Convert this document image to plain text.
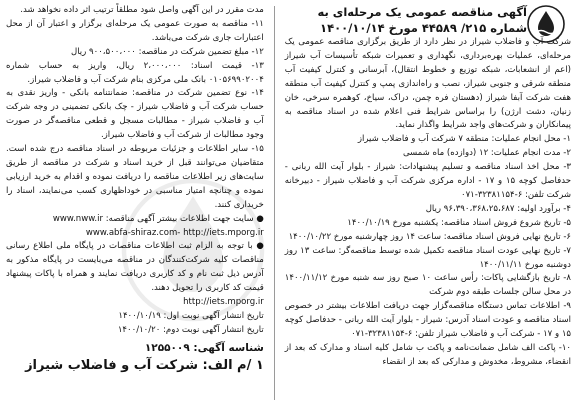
آگهی مناقصه عمومی یک مرحله‌ای به شماره ۲۱۵/ ۴۴۵۸۹ مورخ ۱۴۰۰/۱۰/۱۴
شرکت آب و فاضلاب شیراز در نظر دارد از طریق برگزاری مناقصه عمومی یک مرحله‌ای، عملیات بهره‌برداری، نگهداری و تعمیرات شبکه تأسیسات آب شیراز (اعم از انشعابات، شبکه توزیع و خطوط انتقال)، آبرسانی و کنترل کیفیت آب منطقه شرقی و جنوبی شیراز، نصب و راه‌اندازی پمپ و کنترل کیفیت آب منطقه هفت شرکت آبفا شیراز (دهستان فره چمن، دراک، سیاخ، کوهمره سرخی، خان زنیان، دشت ارژن) را براساس شرایط فنی اعلام شده در اسناد مناقصه به پیمانکاران و شرکت‌های واجد شرایط واگذار نماید.
۱- محل انجام عملیات: منطقه ۷ شرکت آب و فاضلاب شیراز
۲- مدت انجام عملیات: ۱۲ (دوازده) ماه شمسی
۳- محل اخذ اسناد مناقصه و تسلیم پیشنهادات: شیراز - بلوار آیت الله ربانی - حدفاصل کوچه ۱۵ و ۱۷ - اداره مرکزی شرکت آب و فاضلاب شیراز - دبیرخانه شرکت تلفن: ۶-۳۲۳۸۱۱۵۴-۰۷۱
۴- برآورد اولیه: ۹۶،۳۹۰،۳۶۸،۲۵،۶۸۷ ریال
۵- تاریخ شروع فروش اسناد مناقصه: یکشنبه مورخ ۱۴۰۰/۱۰/۱۹
۶- تاریخ نهایی فروش اسناد مناقصه: ساعت ۱۴ روز چهارشنبه مورخ ۱۴۰۰/۱۰/۲۲
۷- تاریخ نهایی عودت اسناد مناقصه تکمیل شده توسط مناقصه‌گر: ساعت ۱۳ روز دوشنبه مورخ ۱۴۰۰/۱۱/۱۱
۸- تاریخ بازگشایی پاکات: رأس ساعت ۱۰ صبح روز سه شنبه مورخ ۱۴۰۰/۱۱/۱۲ در محل سالن جلسات طبقه دوم شرکت
۹- اطلاعات تماس دستگاه مناقصه‌گزار جهت دریافت اطلاعات بیشتر در خصوص اسناد مناقصه و عودت اسناد آدرس: شیراز - بلوار آیت الله ربانی - حدفاصل کوچه ۱۵ و ۱۷ - شرکت آب و فاضلاب شیراز تلفن: ۶-۳۲۳۸۱۱۵۴-۰۷۱
۱۰- پاکت الف شامل ضمانت‌نامه و پاکت ب شامل کلیه اسناد و مدارک که بعد از انقضاء، مشروط، مخدوش و مدارکی که بعد از انقضاء
مدت مقرر در این آگهی واصل شود مطلقاً ترتیب اثر داده نخواهد شد.
۱۱- مناقصه به صورت عمومی یک مرحله‌ای برگزار و اعتبار آن از محل اعتبارات جاری شرکت می‌باشد.
۱۲- مبلغ تضمین شرکت در مناقصه: ۹۰۰،۵۰۰،۰۰۰ ریال
۱۳- قیمت اسناد: ۲،۰۰۰،۰۰۰ ریال، واریز به حساب شماره ۰۱۰۵۶۹۹۰۲۰۰۴ بانک ملی مرکزی بنام شرکت آب و فاضلاب شیراز.
۱۴- نوع تضمین شرکت در مناقصه: ضمانتنامه بانکی - واریز نقدی به حساب شرکت آب و فاضلاب شیراز - چک بانکی تضمینی در وجه شرکت آب و فاضلاب شیراز - مطالبات مسجل و قطعی مناقصه‌گر در صورت وجود مطالبات از شرکت آب و فاضلاب شیراز.
۱۵- سایر اطلاعات و جزئیات مربوطه در اسناد مناقصه درج شده است. متقاضیان می‌توانند قبل از خرید اسناد و شرکت در مناقصه از طریق سایت‌های زیر اطلاعات مناقصه را دریافت نموده و اقدام به خرید ارزیابی نموده و چنانچه امتیاز مناسبی در خوداظهاری کسب می‌نمایند، اسناد را خریداری کنند.
● سایت جهت اطلاعات بیشتر آگهی مناقصه: www.nww.ir
www.abfa-shiraz.com- http://iets.mporg.ir
● با توجه به الزام ثبت اطلاعات مناقصات در پایگاه ملی اطلاع رسانی مناقصات کلیه شرکت‌کنندگان در مناقصه می‌بایست در پایگاه مذکور به آدرس ذیل ثبت نام و کد کاربری دریافت نمایند و همراه با پاکات پیشنهاد قیمت کد کاربری را تحویل دهند.
http://iets.mporg.ir
تاریخ انتشار آگهی نوبت اول: ۱۴۰۰/۱۰/۱۹
تاریخ انتشار آگهی نوبت دوم: ۱۴۰۰/۱۰/۲۰
شناسه آگهی: ۱۲۵۵۰۰۹
۱ /م الف: شرکت آب و فاضلاب شیراز
